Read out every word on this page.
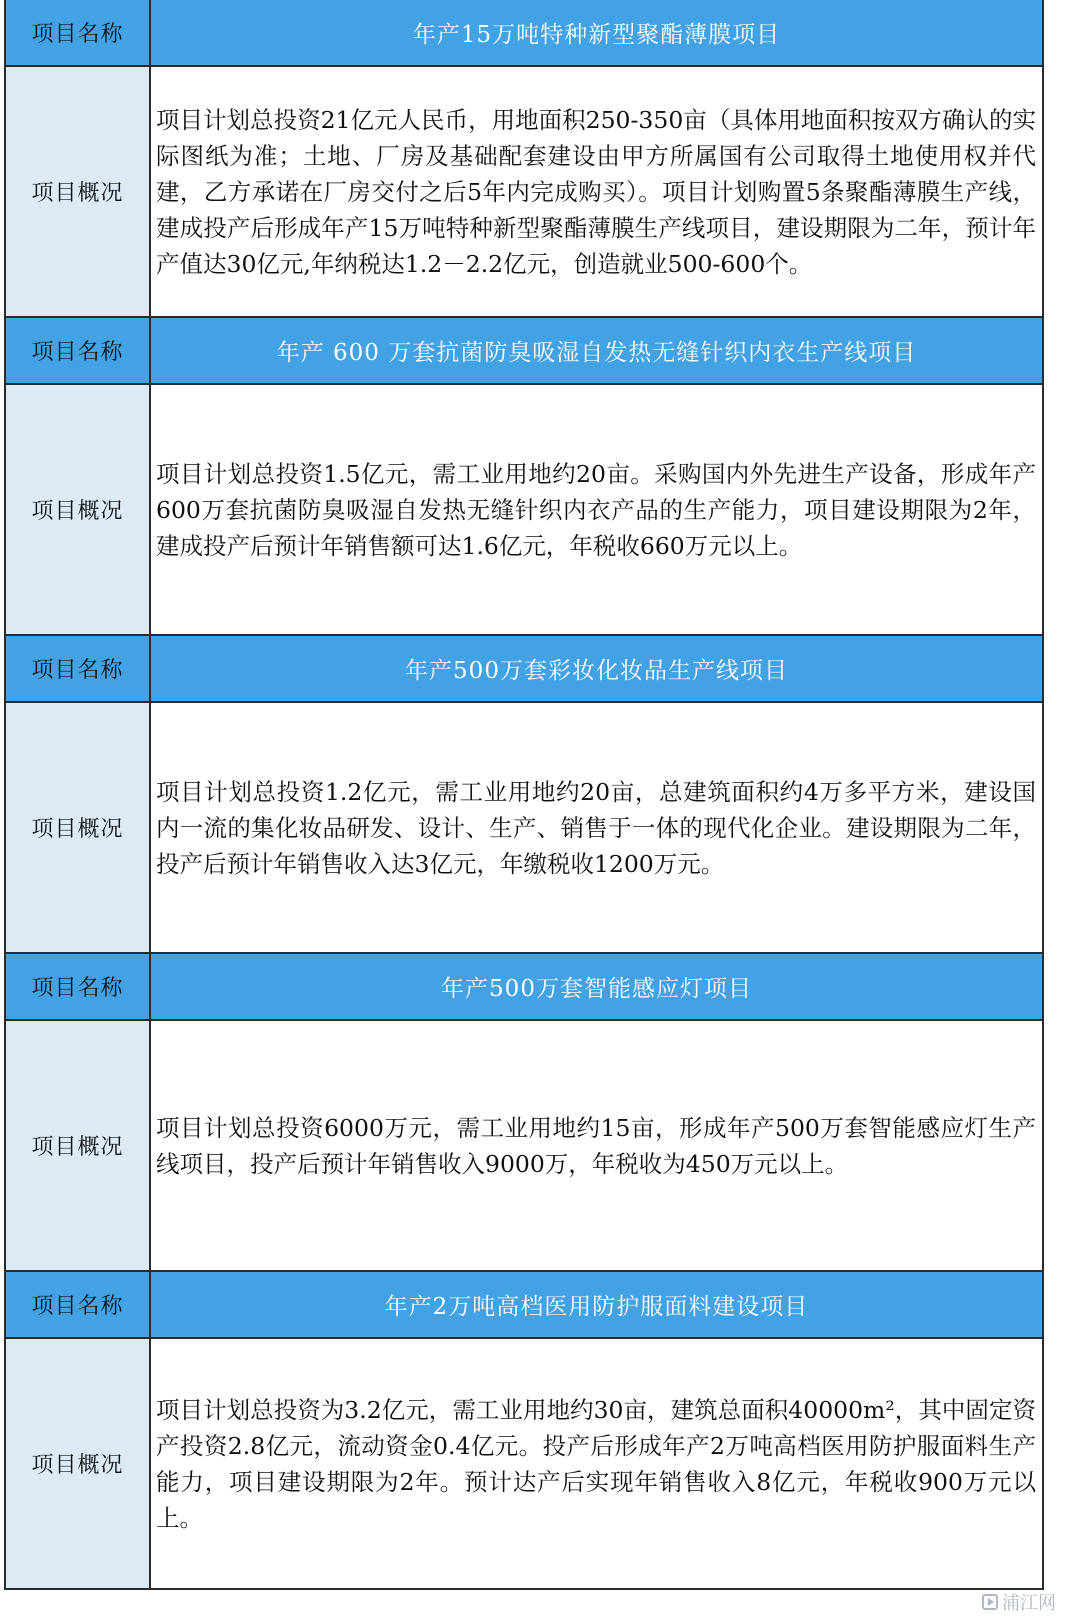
项目名称	年产15万吨特种新型聚酯薄膜项目
项目概况	项目计划总投资21亿元人民币，用地面积250-350亩（具体用地面积按双方确认的实际图纸为准；土地、厂房及基础配套建设由甲方所属国有公司取得土地使用权并代建，乙方承诺在厂房交付之后5年内完成购买）。项目计划购置5条聚酯薄膜生产线，建成投产后形成年产15万吨特种新型聚酯薄膜生产线项目，建设期限为二年，预计年产值达30亿元,年纳税达1.2－2.2亿元，创造就业500-600个。
项目名称	年产 600 万套抗菌防臭吸湿自发热无缝针织内衣生产线项目
项目概况	项目计划总投资1.5亿元，需工业用地约20亩。采购国内外先进生产设备，形成年产600万套抗菌防臭吸湿自发热无缝针织内衣产品的生产能力，项目建设期限为2年，建成投产后预计年销售额可达1.6亿元，年税收660万元以上。
项目名称	年产500万套彩妆化妆品生产线项目
项目概况	项目计划总投资1.2亿元，需工业用地约20亩，总建筑面积约4万多平方米，建设国内一流的集化妆品研发、设计、生产、销售于一体的现代化企业。建设期限为二年，投产后预计年销售收入达3亿元，年缴税收1200万元。
项目名称	年产500万套智能感应灯项目
项目概况	项目计划总投资6000万元，需工业用地约15亩，形成年产500万套智能感应灯生产线项目，投产后预计年销售收入9000万，年税收为450万元以上。
项目名称	年产2万吨高档医用防护服面料建设项目
项目概况	项目计划总投资为3.2亿元，需工业用地约30亩，建筑总面积40000m²，其中固定资产投资2.8亿元，流动资金0.4亿元。投产后形成年产2万吨高档医用防护服面料生产能力，项目建设期限为2年。预计达产后实现年销售收入8亿元，年税收900万元以上。
浦江网
